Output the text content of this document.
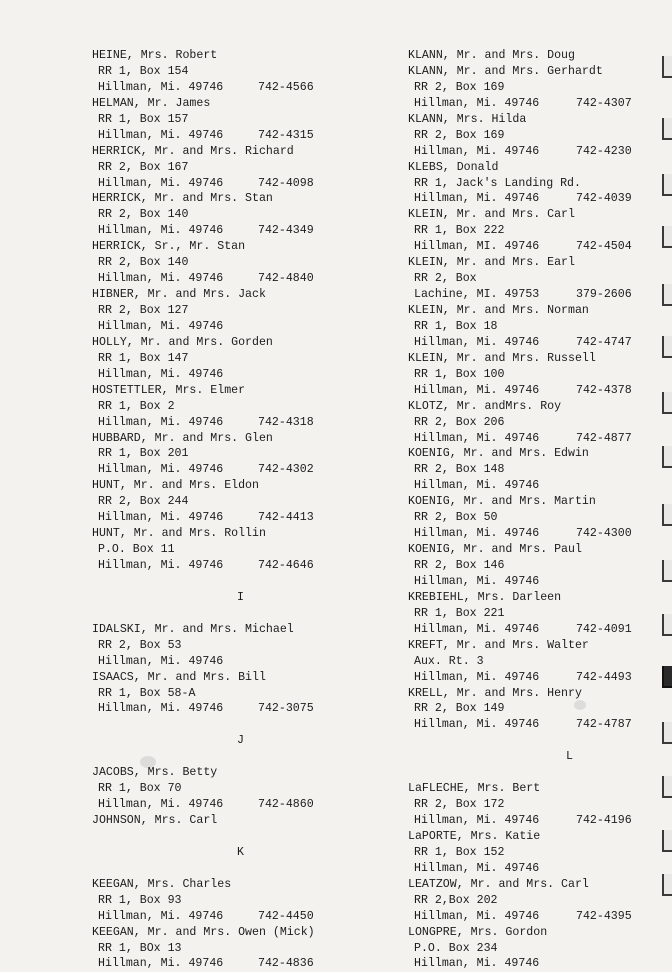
HEINE, Mrs. Robert
RR 1, Box 154
Hillman, Mi. 49746	742-4566
HELMAN, Mr. James
RR 1, Box 157
Hillman, Mi. 49746	742-4315
HERRICK, Mr. and Mrs. Richard
RR 2, Box 167
Hillman, Mi. 49746	742-4098
HERRICK, Mr. and Mrs. Stan
RR 2, Box 140
Hillman, Mi. 49746	742-4349
HERRICK, Sr., Mr. Stan
RR 2, Box 140
Hillman, Mi. 49746	742-4840
HIBNER, Mr. and Mrs. Jack
RR 2, Box 127
Hillman, Mi. 49746
HOLLY, Mr. and Mrs. Gorden
RR 1, Box 147
Hillman, Mi. 49746
HOSTETTLER, Mrs. Elmer
RR 1, Box 2
Hillman, Mi. 49746	742-4318
HUBBARD, Mr. and Mrs. Glen
RR 1, Box 201
Hillman, Mi. 49746	742-4302
HUNT, Mr. and Mrs. Eldon
RR 2, Box 244
Hillman, Mi. 49746	742-4413
HUNT, Mr. and Mrs. Rollin
P.O. Box 11
Hillman, Mi. 49746	742-4646
I
IDALSKI, Mr. and Mrs. Michael
RR 2, Box 53
Hillman, Mi. 49746
ISAACS, Mr. and Mrs. Bill
RR 1, Box 58-A
Hillman, Mi. 49746	742-3075
J
JACOBS, Mrs. Betty
RR 1, Box 70
Hillman, Mi. 49746	742-4860
JOHNSON, Mrs. Carl
K
KEEGAN, Mrs. Charles
RR 1, Box 93
Hillman, Mi. 49746	742-4450
KEEGAN, Mr. and Mrs. Owen (Mick)
RR 1, BOx 13
Hillman, Mi. 49746	742-4836
KLANN, Mr. and Mrs. Doug
KLANN, Mr. and Mrs. Gerhardt
RR 2, Box 169
Hillman, Mi. 49746	742-4307
KLANN, Mrs. Hilda
RR 2, Box 169
Hillman, Mi. 49746	742-4230
KLEBS, Donald
RR 1, Jack's Landing Rd.
Hillman, Mi. 49746	742-4039
KLEIN, Mr. and Mrs. Carl
RR 1, Box 222
Hillman, MI. 49746	742-4504
KLEIN, Mr. and Mrs. Earl
RR 2, Box
Lachine, MI. 49753	379-2606
KLEIN, Mr. and Mrs. Norman
RR 1, Box 18
Hillman, Mi. 49746	742-4747
KLEIN, Mr. and Mrs. Russell
RR 1, Box 100
Hillman, Mi. 49746	742-4378
KLOTZ, Mr. andMrs. Roy
RR 2, Box 206
Hillman, Mi. 49746	742-4877
KOENIG, Mr. and Mrs. Edwin
RR 2, Box 148
Hillman, Mi. 49746
KOENIG, Mr. and Mrs. Martin
RR 2, Box 50
Hillman, Mi. 49746	742-4300
KOENIG, Mr. and Mrs. Paul
RR 2, Box 146
Hillman, Mi. 49746
KREBIEHL, Mrs. Darleen
RR 1, Box 221
Hillman, Mi. 49746	742-4091
KREFT, Mr. and Mrs. Walter
Aux. Rt. 3
Hillman, Mi. 49746	742-4493
KRELL, Mr. and Mrs. Henry
RR 2, Box 149
Hillman, Mi. 49746	742-4787
L
LaFLECHE, Mrs. Bert
RR 2, Box 172
Hillman, Mi. 49746	742-4196
LaPORTE, Mrs. Katie
RR 1, Box 152
Hillman, Mi. 49746
LEATZOW, Mr. and Mrs. Carl
RR 2,Box 202
Hillman, Mi. 49746	742-4395
LONGPRE, Mrs. Gordon
P.O. Box 234
Hillman, Mi. 49746
